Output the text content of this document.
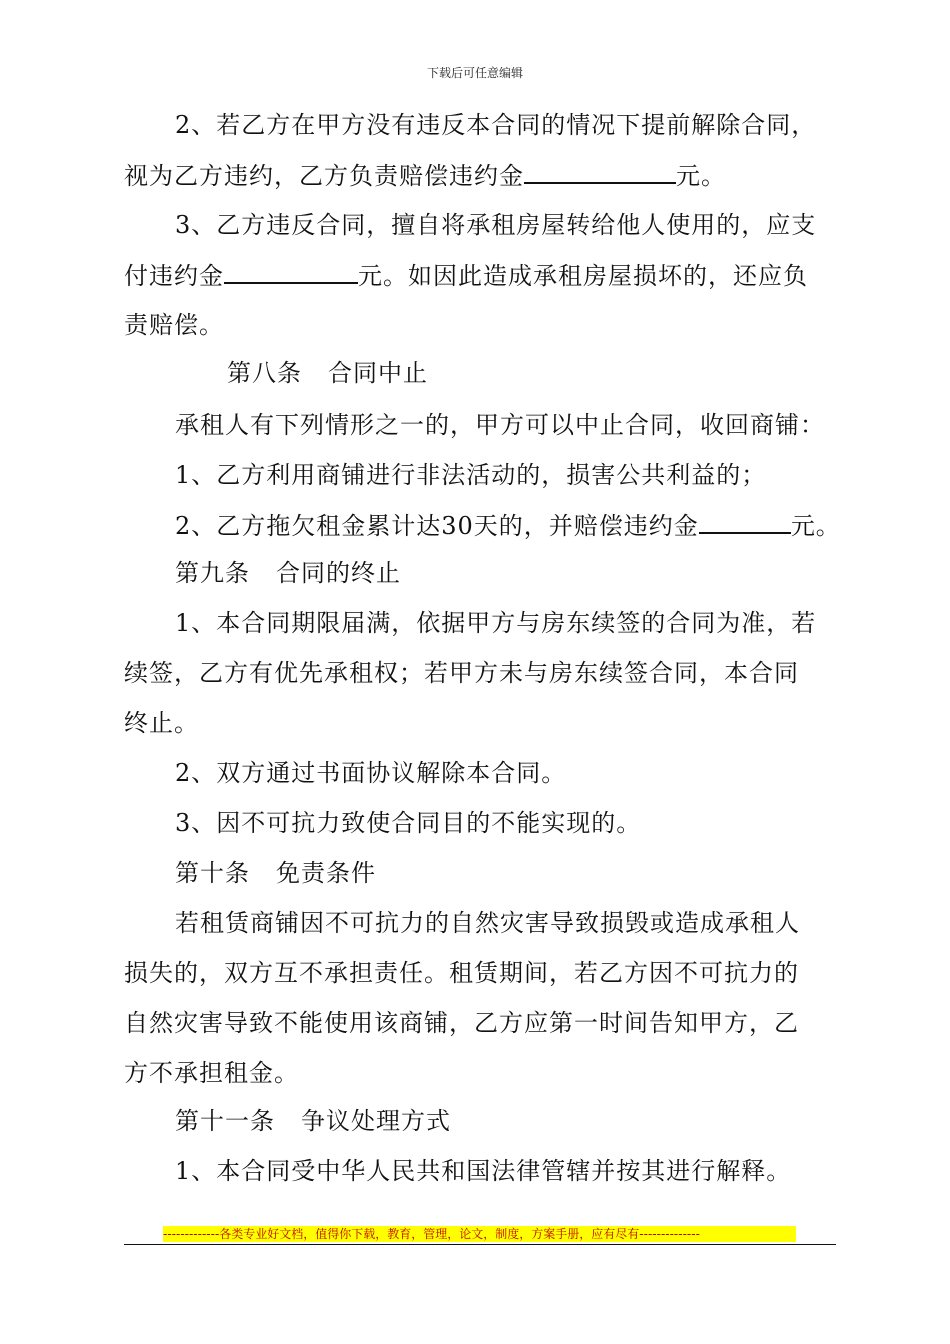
下载后可任意编辑
2、若乙方在甲方没有违反本合同的情况下提前解除合同，
视为乙方违约，乙方负责赔偿违约金	元。
3、乙方违反合同，擅自将承租房屋转给他人使用的，应支
付违约金	元。如因此造成承租房屋损坏的，还应负
责赔偿。
第八条 合同中止
承租人有下列情形之一的，甲方可以中止合同，收回商铺：
1、乙方利用商铺进行非法活动的，损害公共利益的；
2、乙方拖欠租金累计达30天的，并赔偿违约金	元。
第九条 合同的终止
1、本合同期限届满，依据甲方与房东续签的合同为准，若
续签，乙方有优先承租权；若甲方未与房东续签合同，本合同
终止。
2、双方通过书面协议解除本合同。
3、因不可抗力致使合同目的不能实现的。
第十条 免责条件
若租赁商铺因不可抗力的自然灾害导致损毁或造成承租人
损失的，双方互不承担责任。租赁期间，若乙方因不可抗力的
自然灾害导致不能使用该商铺，乙方应第一时间告知甲方，乙
方不承担租金。
第十一条 争议处理方式
1、本合同受中华人民共和国法律管辖并按其进行解释。
-------------各类专业好文档，值得你下载，教育，管理，论文，制度，方案手册，应有尽有--------------
